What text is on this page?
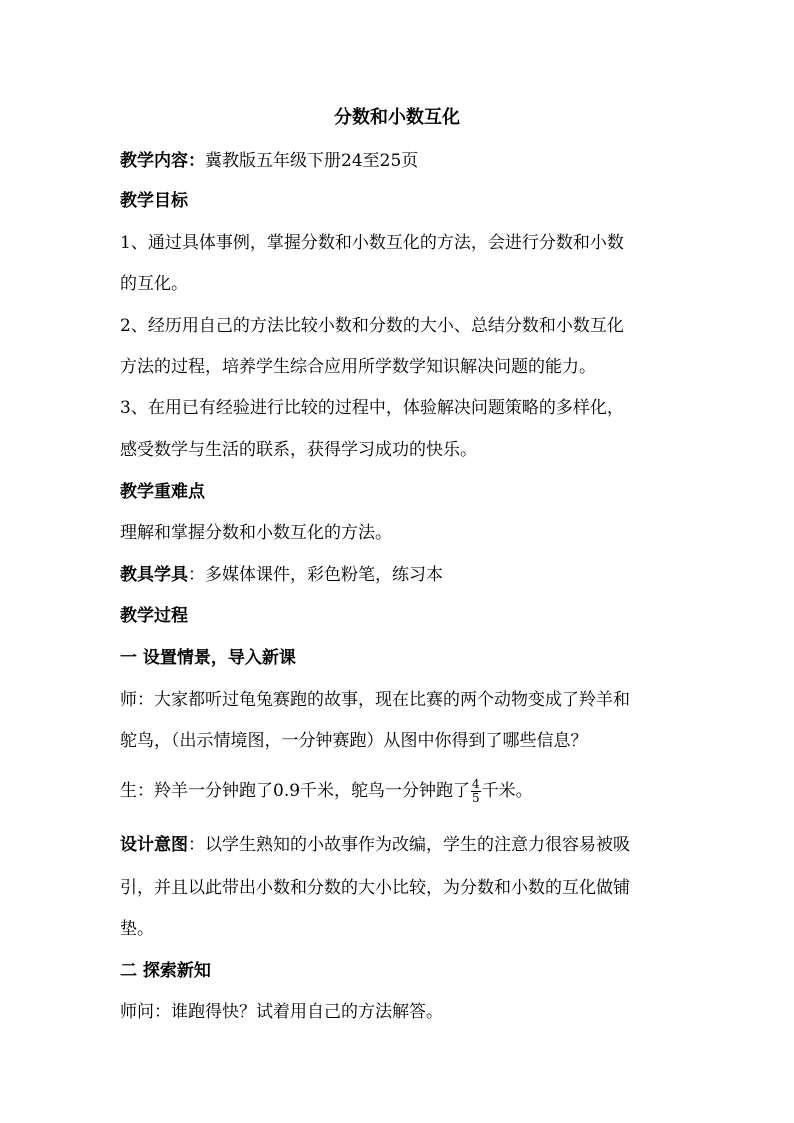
分数和小数互化
教学内容：冀教版五年级下册24至25页
教学目标
1、通过具体事例，掌握分数和小数互化的方法，会进行分数和小数
的互化。
2、经历用自己的方法比较小数和分数的大小、总结分数和小数互化
方法的过程，培养学生综合应用所学数学知识解决问题的能力。
3、在用已有经验进行比较的过程中，体验解决问题策略的多样化，
感受数学与生活的联系，获得学习成功的快乐。
教学重难点
理解和掌握分数和小数互化的方法。
教具学具：多媒体课件，彩色粉笔，练习本
教学过程
一 设置情景，导入新课
师：大家都听过龟兔赛跑的故事，现在比赛的两个动物变成了羚羊和
鸵鸟，（出示情境图，一分钟赛跑）从图中你得到了哪些信息？
生：羚羊一分钟跑了0.9千米，鸵鸟一分钟跑了 $\frac{4}{5}$ 千米。
设计意图：以学生熟知的小故事作为改编，学生的注意力很容易被吸
引，并且以此带出小数和分数的大小比较，为分数和小数的互化做铺
垫。
二 探索新知
师问：谁跑得快？试着用自己的方法解答。
